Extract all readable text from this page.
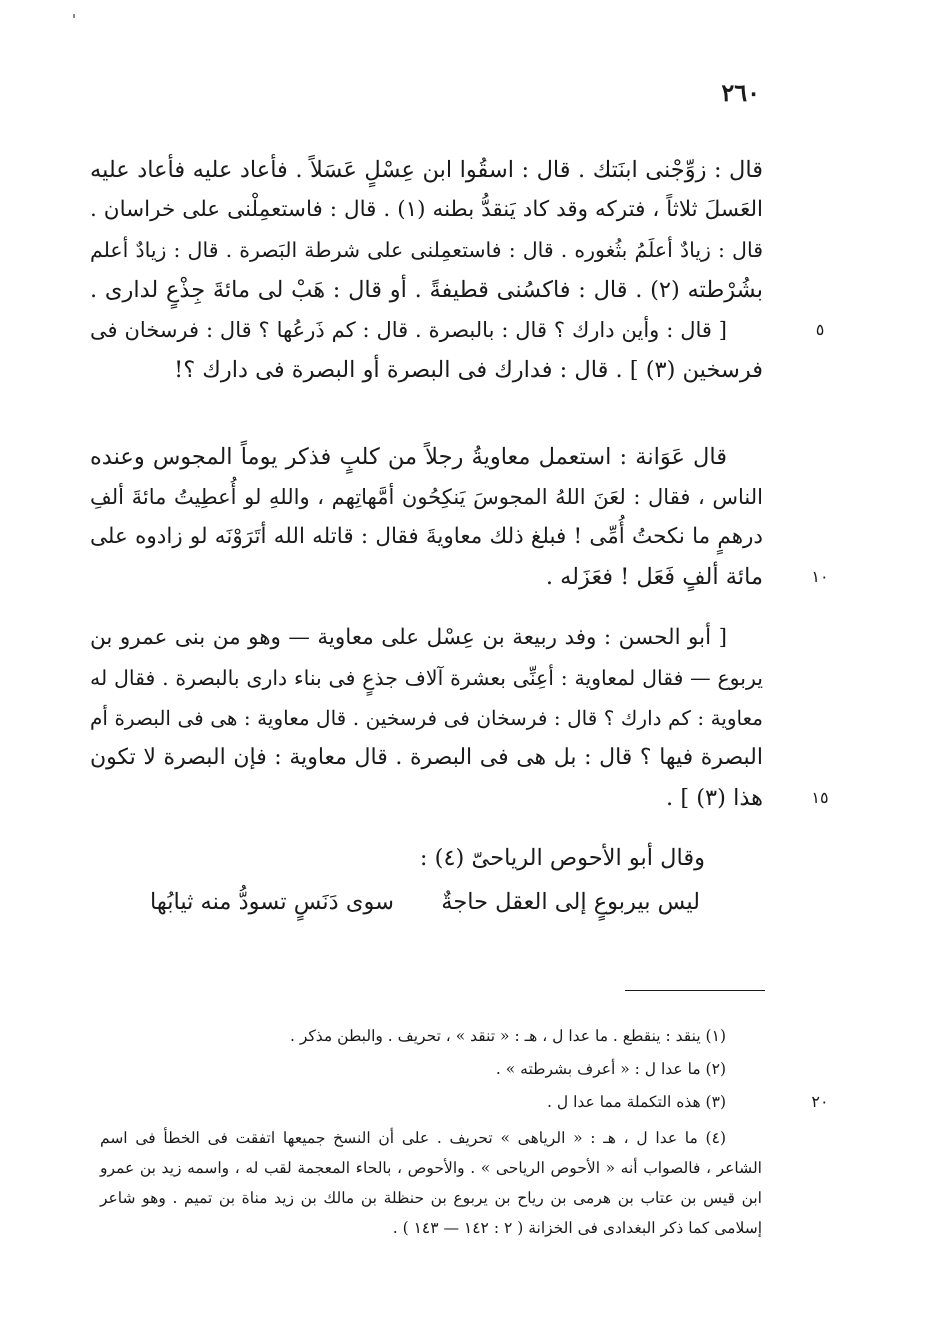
٢٦٠
قال : زوِّجْنى ابنَتك . قال : اسقُوا ابن عِسْلٍ عَسَلاً . فأعاد عليه فأعاد عليه
العَسلَ ثلاثاً ، فتركه وقد كاد يَنقدُّ بطنه (١) . قال : فاستعمِلْنى على خراسان .
قال : زيادٌ أعلَمُ بثُغوره . قال : فاستعمِلنى على شرطة البَصرة . قال : زيادٌ أعلم
بشُرْطته (٢) . قال : فاكسُنى قطيفةً . أو قال : هَبْ لى مائةَ جِذْعٍ لدارى .
[ قال : وأين دارك ؟ قال : بالبصرة . قال : كم ذَرعُها ؟ قال : فرسخان فى	٥
فرسخين (٣) ] . قال : فدارك فى البصرة أو البصرة فى دارك ؟!
قال عَوَانة : استعمل معاويةُ رجلاً من كلبٍ فذكر يوماً المجوس وعنده
الناس ، فقال : لعَنَ اللهُ المجوسَ يَنكِحُون أمَّهاتِهم ، واللهِ لو أُعطِيتُ مائةَ ألفِ
درهمٍ ما نكحتُ أُمِّى ! فبلغ ذلك معاويةَ فقال : قاتله الله أتَرَوْنَه لو زادوه على
مائة ألفٍ فَعَل ! فعَزَله .	١٠
[ أبو الحسن : وفد ربيعة بن عِسْل على معاوية — وهو من بنى عمرو بن
يربوع — فقال لمعاوية : أعِنِّى بعشرة آلاف جذعٍ فى بناء دارى بالبصرة . فقال له
معاوية : كم دارك ؟ قال : فرسخان فى فرسخين . قال معاوية : هى فى البصرة أم
البصرة فيها ؟ قال : بل هى فى البصرة . قال معاوية : فإن البصرة لا تكون
هذا (٣) ] .	١٥
وقال أبو الأحوص الرياحىّ (٤) :
ليس بيربوعٍ إلى العقل حاجةٌ
سوى دَنَسٍ تسودُّ منه ثيابُها
(١) ينقد : ينقطع . ما عدا ل ، هـ : « تنقد » ، تحريف . والبطن مذكر .
(٢) ما عدا ل : « أعرف بشرطته » .
(٣) هذه التكملة مما عدا ل .	٢٠
(٤) ما عدا ل ، هـ : « الرياهى » تحريف . على أن النسخ جميعها اتفقت فى الخطأ فى اسم
الشاعر ، فالصواب أنه « الأحوص الرياحى » . والأحوص ، بالحاء المعجمة لقب له ، واسمه زيد بن عمرو
ابن قيس بن عتاب بن هرمى بن رياح بن يربوع بن حنظلة بن مالك بن زيد مناة بن تميم . وهو شاعر
إسلامى كما ذكر البغدادى فى الخزانة ( ٢ : ١٤٢ — ١٤٣ ) .
